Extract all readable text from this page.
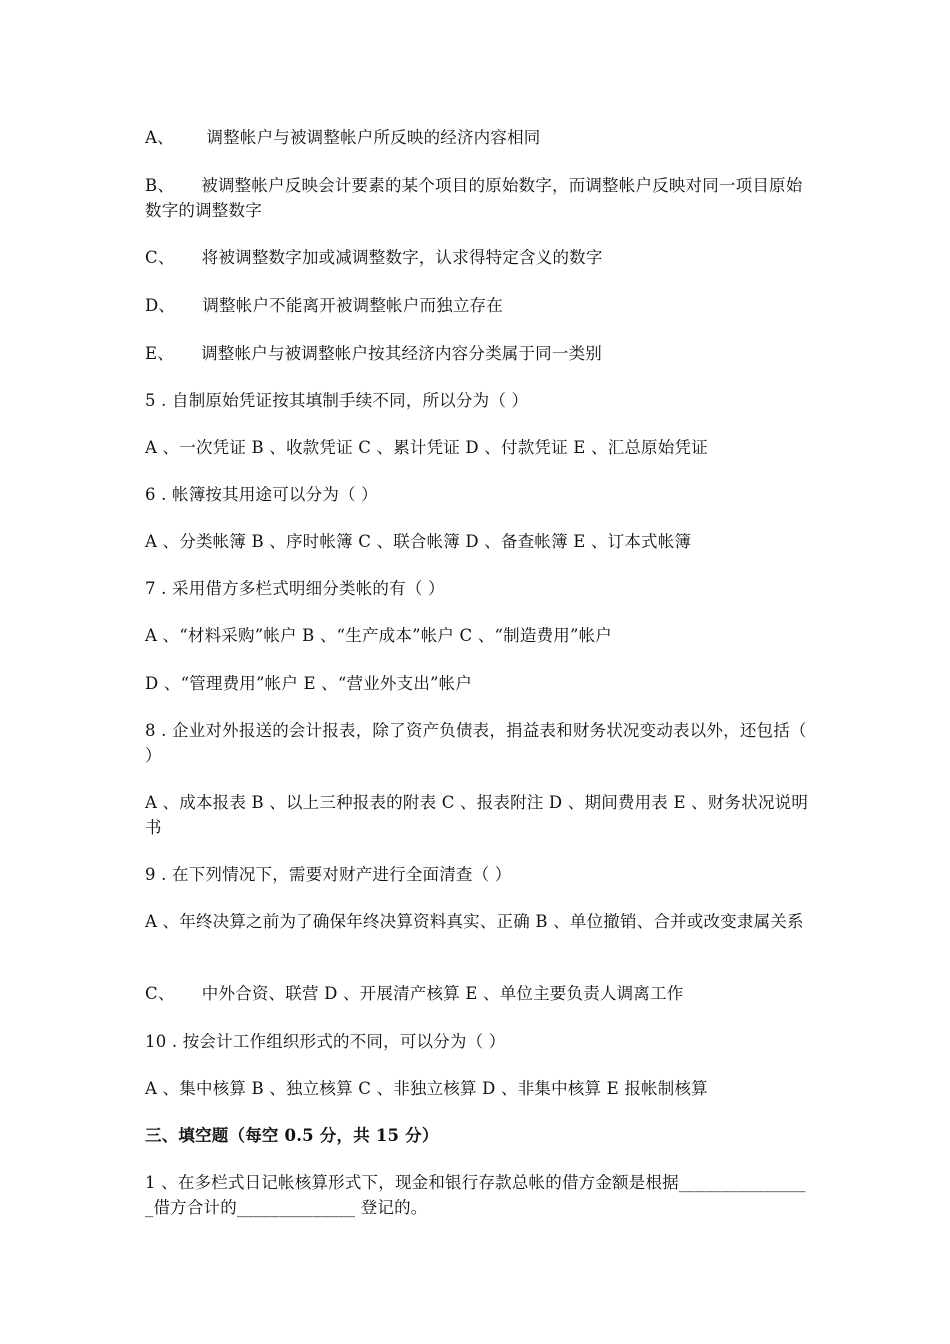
A、      调整帐户与被调整帐户所反映的经济内容相同
B、     被调整帐户反映会计要素的某个项目的原始数字，而调整帐户反映对同一项目原始数字的调整数字
C、     将被调整数字加或减调整数字，认求得特定含义的数字
D、     调整帐户不能离开被调整帐户而独立存在
E、     调整帐户与被调整帐户按其经济内容分类属于同一类别
5 . 自制原始凭证按其填制手续不同，所以分为（ ）
A 、一次凭证 B 、收款凭证 C 、累计凭证 D 、付款凭证 E 、汇总原始凭证
6 . 帐簿按其用途可以分为（ ）
A 、分类帐簿 B 、序时帐簿 C 、联合帐簿 D 、备查帐簿 E 、订本式帐簿
7 . 采用借方多栏式明细分类帐的有（ ）
A 、“材料采购”帐户 B 、“生产成本”帐户 C 、“制造费用”帐户
D 、“管理费用”帐户 E 、“营业外支出”帐户
8 . 企业对外报送的会计报表，除了资产负债表，捐益表和财务状况变动表以外，还包括（ ）
A 、成本报表 B 、以上三种报表的附表 C 、报表附注 D 、期间费用表 E 、财务状况说明书
9 . 在下列情况下，需要对财产进行全面清查（ ）
A 、年终决算之前为了确保年终决算资料真实、正确 B 、单位撤销、合并或改变隶属关系
C、     中外合资、联营 D 、开展清产核算 E 、单位主要负责人调离工作
10 . 按会计工作组织形式的不同，可以分为（ ）
A 、集中核算 B 、独立核算 C 、非独立核算 D 、非集中核算 E 报帐制核算
三、填空题（每空 0.5 分，共 15 分）
1 、在多栏式日记帐核算形式下，现金和银行存款总帐的借方金额是根据________________借方合计的______________ 登记的。
